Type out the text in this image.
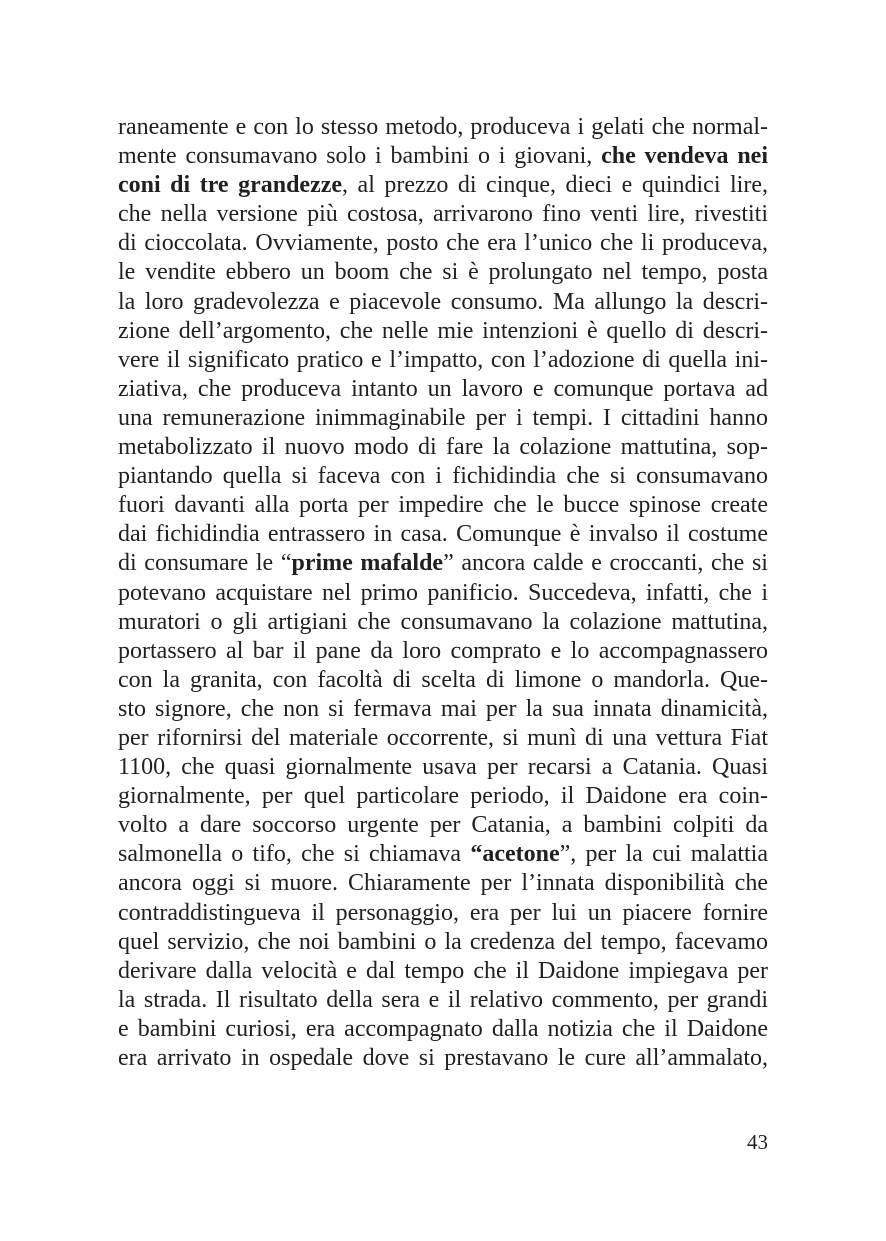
raneamente e con lo stesso metodo, produceva i gelati che normal-
mente consumavano solo i bambini o i giovani, che vendeva nei
coni di tre grandezze, al prezzo di cinque, dieci e quindici lire,
che nella versione più costosa, arrivarono fino venti lire, rivestiti
di cioccolata. Ovviamente, posto che era l’unico che li produceva,
le vendite ebbero un boom che si è prolungato nel tempo, posta
la loro gradevolezza e piacevole consumo. Ma allungo la descri-
zione dell’argomento, che nelle mie intenzioni è quello di descri-
vere il significato pratico e l’impatto, con l’adozione di quella ini-
ziativa, che produceva intanto un lavoro e comunque portava ad
una remunerazione inimmaginabile per i tempi. I cittadini hanno
metabolizzato il nuovo modo di fare la colazione mattutina, sop-
piantando quella si faceva con i fichidindia che si consumavano
fuori davanti alla porta per impedire che le bucce spinose create
dai fichidindia entrassero in casa. Comunque è invalso il costume
di consumare le “prime mafalde” ancora calde e croccanti, che si
potevano acquistare nel primo panificio. Succedeva, infatti, che i
muratori o gli artigiani che consumavano la colazione mattutina,
portassero al bar il pane da loro comprato e lo accompagnassero
con la granita, con facoltà di scelta di limone o mandorla. Que-
sto signore, che non si fermava mai per la sua innata dinamicità,
per rifornirsi del materiale occorrente, si munì di una vettura Fiat
1100, che quasi giornalmente usava per recarsi a Catania. Quasi
giornalmente, per quel particolare periodo, il Daidone era coin-
volto a dare soccorso urgente per Catania, a bambini colpiti da
salmonella o tifo, che si chiamava “acetone”, per la cui malattia
ancora oggi si muore. Chiaramente per l’innata disponibilità che
contraddistingueva il personaggio, era per lui un piacere fornire
quel servizio, che noi bambini o la credenza del tempo, facevamo
derivare dalla velocità e dal tempo che il Daidone impiegava per
la strada. Il risultato della sera e il relativo commento, per grandi
e bambini curiosi, era accompagnato dalla notizia che il Daidone
era arrivato in ospedale dove si prestavano le cure all’ammalato,
43
